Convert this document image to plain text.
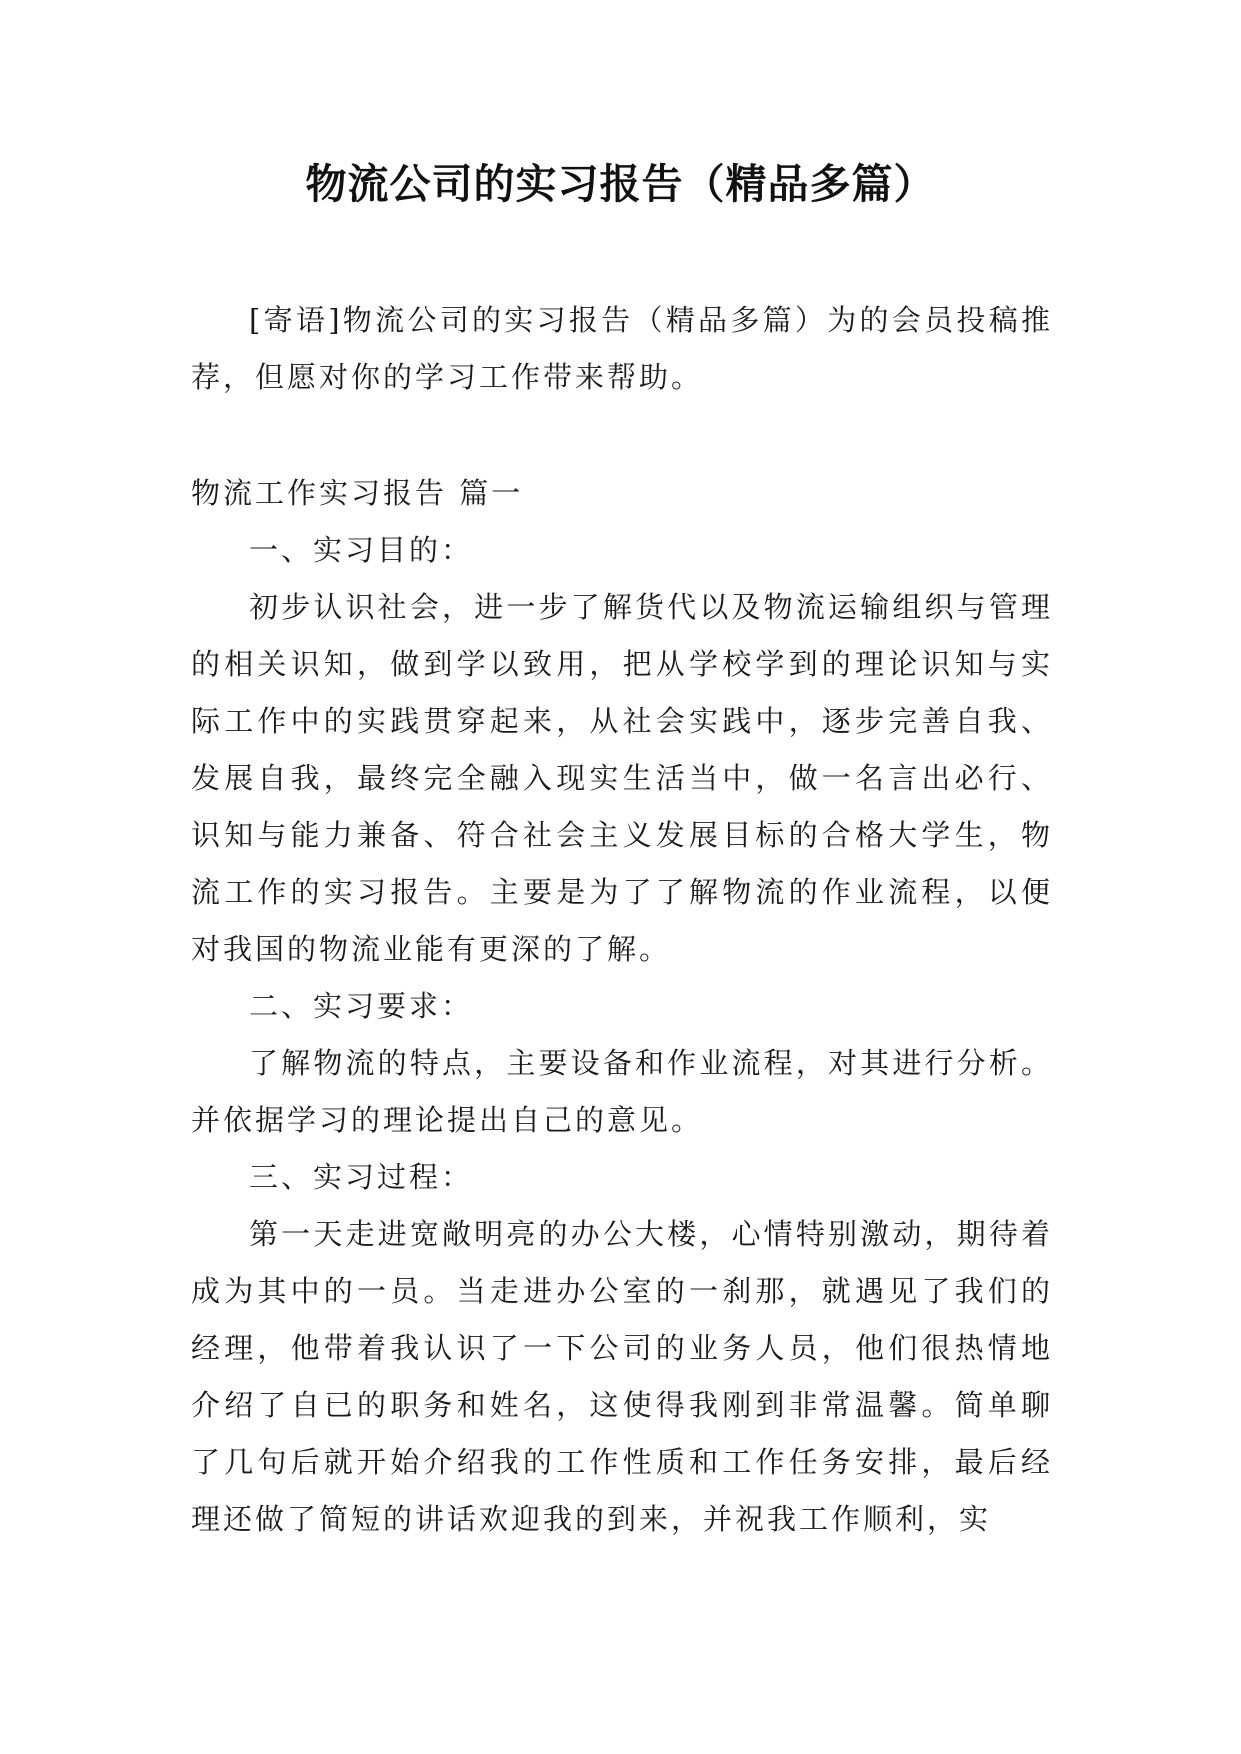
物流公司的实习报告（精品多篇）

[寄语]物流公司的实习报告（精品多篇）为的会员投稿推荐，但愿对你的学习工作带来帮助。

物流工作实习报告 篇一

一、实习目的：

初步认识社会，进一步了解货代以及物流运输组织与管理的相关识知，做到学以致用，把从学校学到的理论识知与实际工作中的实践贯穿起来，从社会实践中，逐步完善自我、发展自我，最终完全融入现实生活当中，做一名言出必行、识知与能力兼备、符合社会主义发展目标的合格大学生，物流工作的实习报告。主要是为了了解物流的作业流程，以便对我国的物流业能有更深的了解。

二、实习要求：

了解物流的特点，主要设备和作业流程，对其进行分析。并依据学习的理论提出自己的意见。

三、实习过程：

第一天走进宽敞明亮的办公大楼，心情特别激动，期待着成为其中的一员。当走进办公室的一刹那，就遇见了我们的经理，他带着我认识了一下公司的业务人员，他们很热情地介绍了自已的职务和姓名，这使得我刚到非常温馨。简单聊了几句后就开始介绍我的工作性质和工作任务安排，最后经理还做了简短的讲话欢迎我的到来，并祝我工作顺利，实
